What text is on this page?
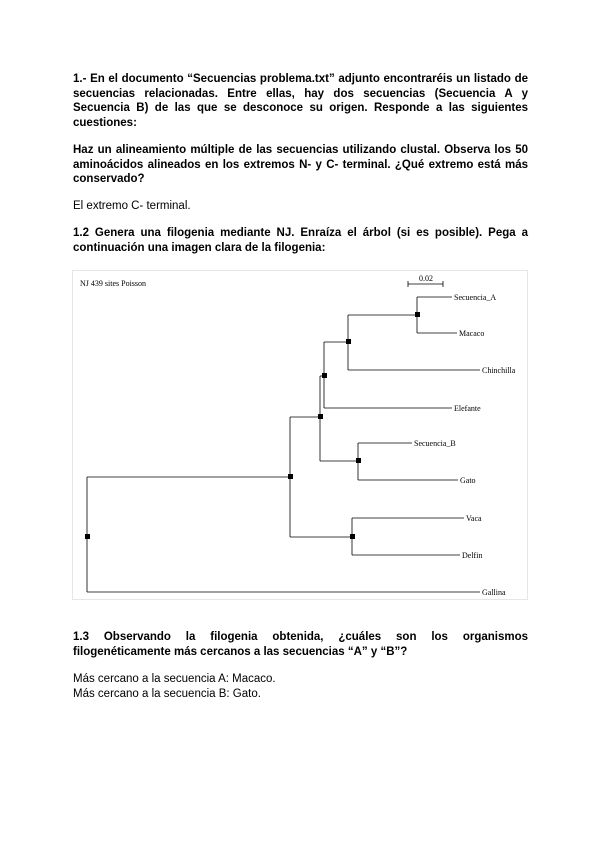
1.- En el documento “Secuencias problema.txt” adjunto encontraréis un listado de secuencias relacionadas. Entre ellas, hay dos secuencias (Secuencia A y Secuencia B) de las que se desconoce su origen. Responde a las siguientes cuestiones:
Haz un alineamiento múltiple de las secuencias utilizando clustal. Observa los 50 aminoácidos alineados en los extremos N- y C- terminal. ¿Qué extremo está más conservado?
El extremo C- terminal.
1.2 Genera una filogenia mediante NJ. Enraíza el árbol (si es posible). Pega a continuación una imagen clara de la filogenia:
NJ 439 sites Poisson
0.02
Secuencia_A
Macaco
Chinchilla
Elefante
Secuencia_B
Gato
Vaca
Delfin
Gallina
1.3 Observando la filogenia obtenida, ¿cuáles son los organismos filogenéticamente más cercanos a las secuencias “A” y “B”?
Más cercano a la secuencia A: Macaco.
Más cercano a la secuencia B: Gato.
